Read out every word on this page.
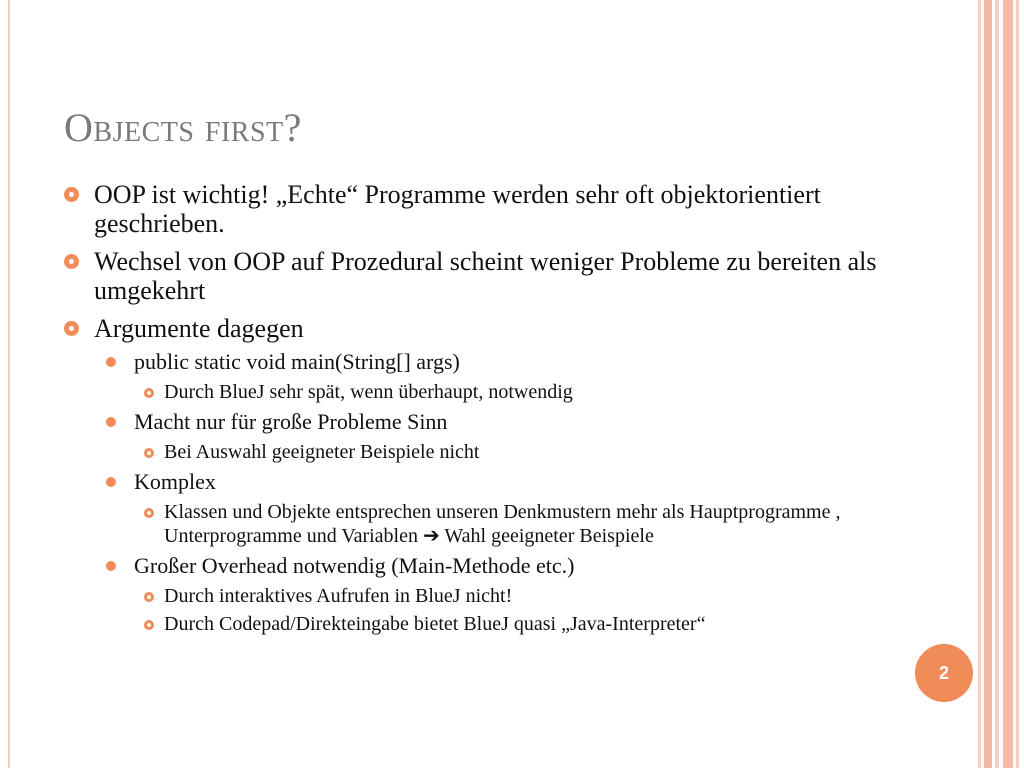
Objects first?
OOP ist wichtig! „Echte“ Programme werden sehr oft objektorientiert geschrieben.
Wechsel von OOP auf Prozedural scheint weniger Probleme zu bereiten als umgekehrt
Argumente dagegen
public static void main(String[] args)
Durch BlueJ sehr spät, wenn überhaupt, notwendig
Macht nur für große Probleme Sinn
Bei Auswahl geeigneter Beispiele nicht
Komplex
Klassen und Objekte entsprechen unseren Denkmustern mehr als Hauptprogramme , Unterprogramme und Variablen ➔ Wahl geeigneter Beispiele
Großer Overhead notwendig (Main-Methode etc.)
Durch interaktives Aufrufen in BlueJ nicht!
Durch Codepad/Direkteingabe bietet BlueJ quasi „Java-Interpreter“
2
